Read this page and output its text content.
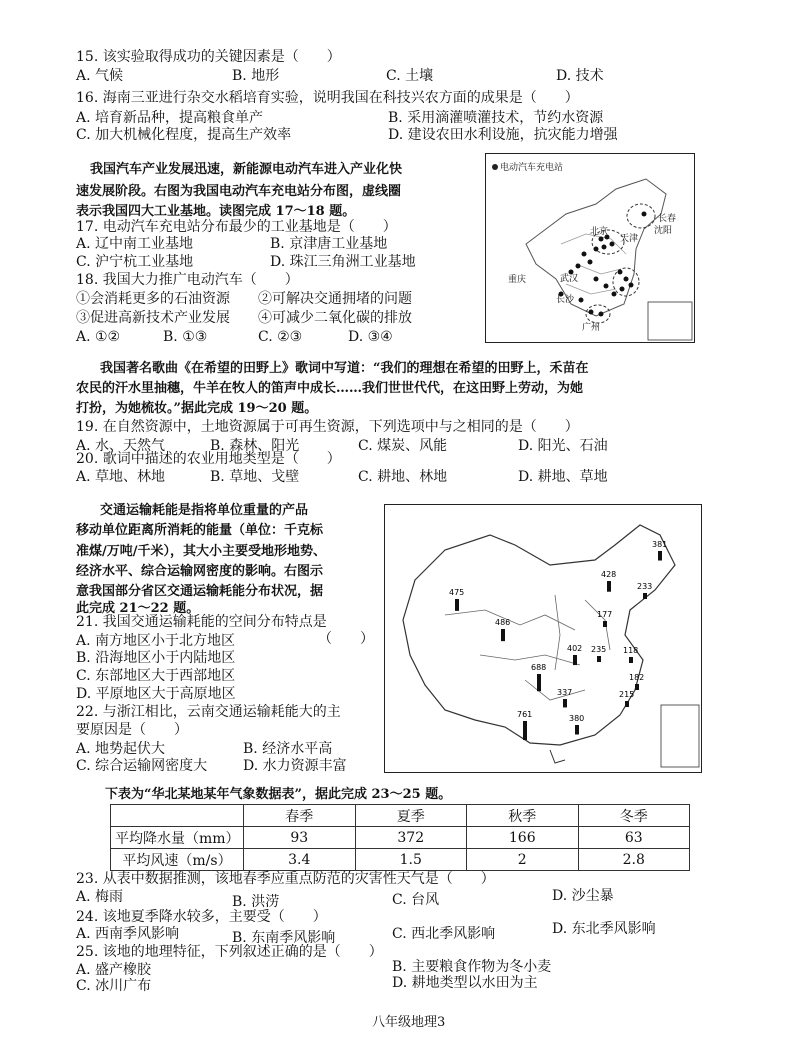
15. 该实验取得成功的关键因素是（　　）
A. 气候	B. 地形	C. 土壤	D. 技术
16. 海南三亚进行杂交水稻培育实验，说明我国在科技兴农方面的成果是（　　）
A. 培育新品种，提高粮食单产	B. 采用滴灌喷灌技术，节约水资源
C. 加大机械化程度，提高生产效率	D. 建设农田水利设施，抗灾能力增强
我国汽车产业发展迅速，新能源电动汽车进入产业化快
速发展阶段。右图为我国电动汽车充电站分布图，虚线圈
表示我国四大工业基地。读图完成 17～18 题。
电动汽车充电站
长春
沈阳
北京
天津
重庆	武汉
长沙
广州
17. 电动汽车充电站分布最少的工业基地是（　　）
A. 辽中南工业基地	B. 京津唐工业基地
C. 沪宁杭工业基地	D. 珠江三角洲工业基地
18. 我国大力推广电动汽车（　　）
①会消耗更多的石油资源 ②可解决交通拥堵的问题
③促进高新技术产业发展 ④可减少二氧化碳的排放
A. ①②	B. ①③	C. ②③	D. ③④
我国著名歌曲《在希望的田野上》歌词中写道：“我们的理想在希望的田野上，禾苗在
农民的汗水里抽穗，牛羊在牧人的笛声中成长……我们世世代代，在这田野上劳动，为她
打扮，为她梳妆。”据此完成 19～20 题。
19. 在自然资源中，土地资源属于可再生资源，下列选项中与之相同的是（　　）
A. 水、天然气	B. 森林、阳光	C. 煤炭、风能	D. 阳光、石油
20. 歌词中描述的农业用地类型是（　　）
A. 草地、林地	B. 草地、戈壁	C. 耕地、林地	D. 耕地、草地
交通运输耗能是指将单位重量的产品
移动单位距离所消耗的能量（单位：千克标
准煤/万吨/千米），其大小主要受地形地势、
经济水平、综合运输网密度的影响。右图示
意我国部分省区交通运输耗能分布状况，据
此完成 21～22 题。
381
428
233
475
486
177
402 235 118
688
182
337	215
761	380
21. 我国交通运输耗能的空间分布特点是
A. 南方地区小于北方地区	（　　）
B. 沿海地区小于内陆地区
C. 东部地区大于西部地区
D. 平原地区大于高原地区
22. 与浙江相比，云南交通运输耗能大的主
要原因是（　　）
A. 地势起伏大	B. 经济水平高
C. 综合运输网密度大	D. 水力资源丰富
下表为“华北某地某年气象数据表”，据此完成 23～25 题。
	春季	夏季	秋季	冬季
平均降水量（mm）	93	372	166	63
平均风速（m/s）	3.4	1.5	2	2.8
23. 从表中数据推测，该地春季应重点防范的灾害性天气是（　　）
A. 梅雨	B. 洪涝	C. 台风	D. 沙尘暴
24. 该地夏季降水较多，主要受（　　）
A. 西南季风影响	B. 东南季风影响	C. 西北季风影响	D. 东北季风影响
25. 该地的地理特征，下列叙述正确的是（　　）
A. 盛产橡胶	B. 主要粮食作物为冬小麦
C. 冰川广布	D. 耕地类型以水田为主
八年级地理3
